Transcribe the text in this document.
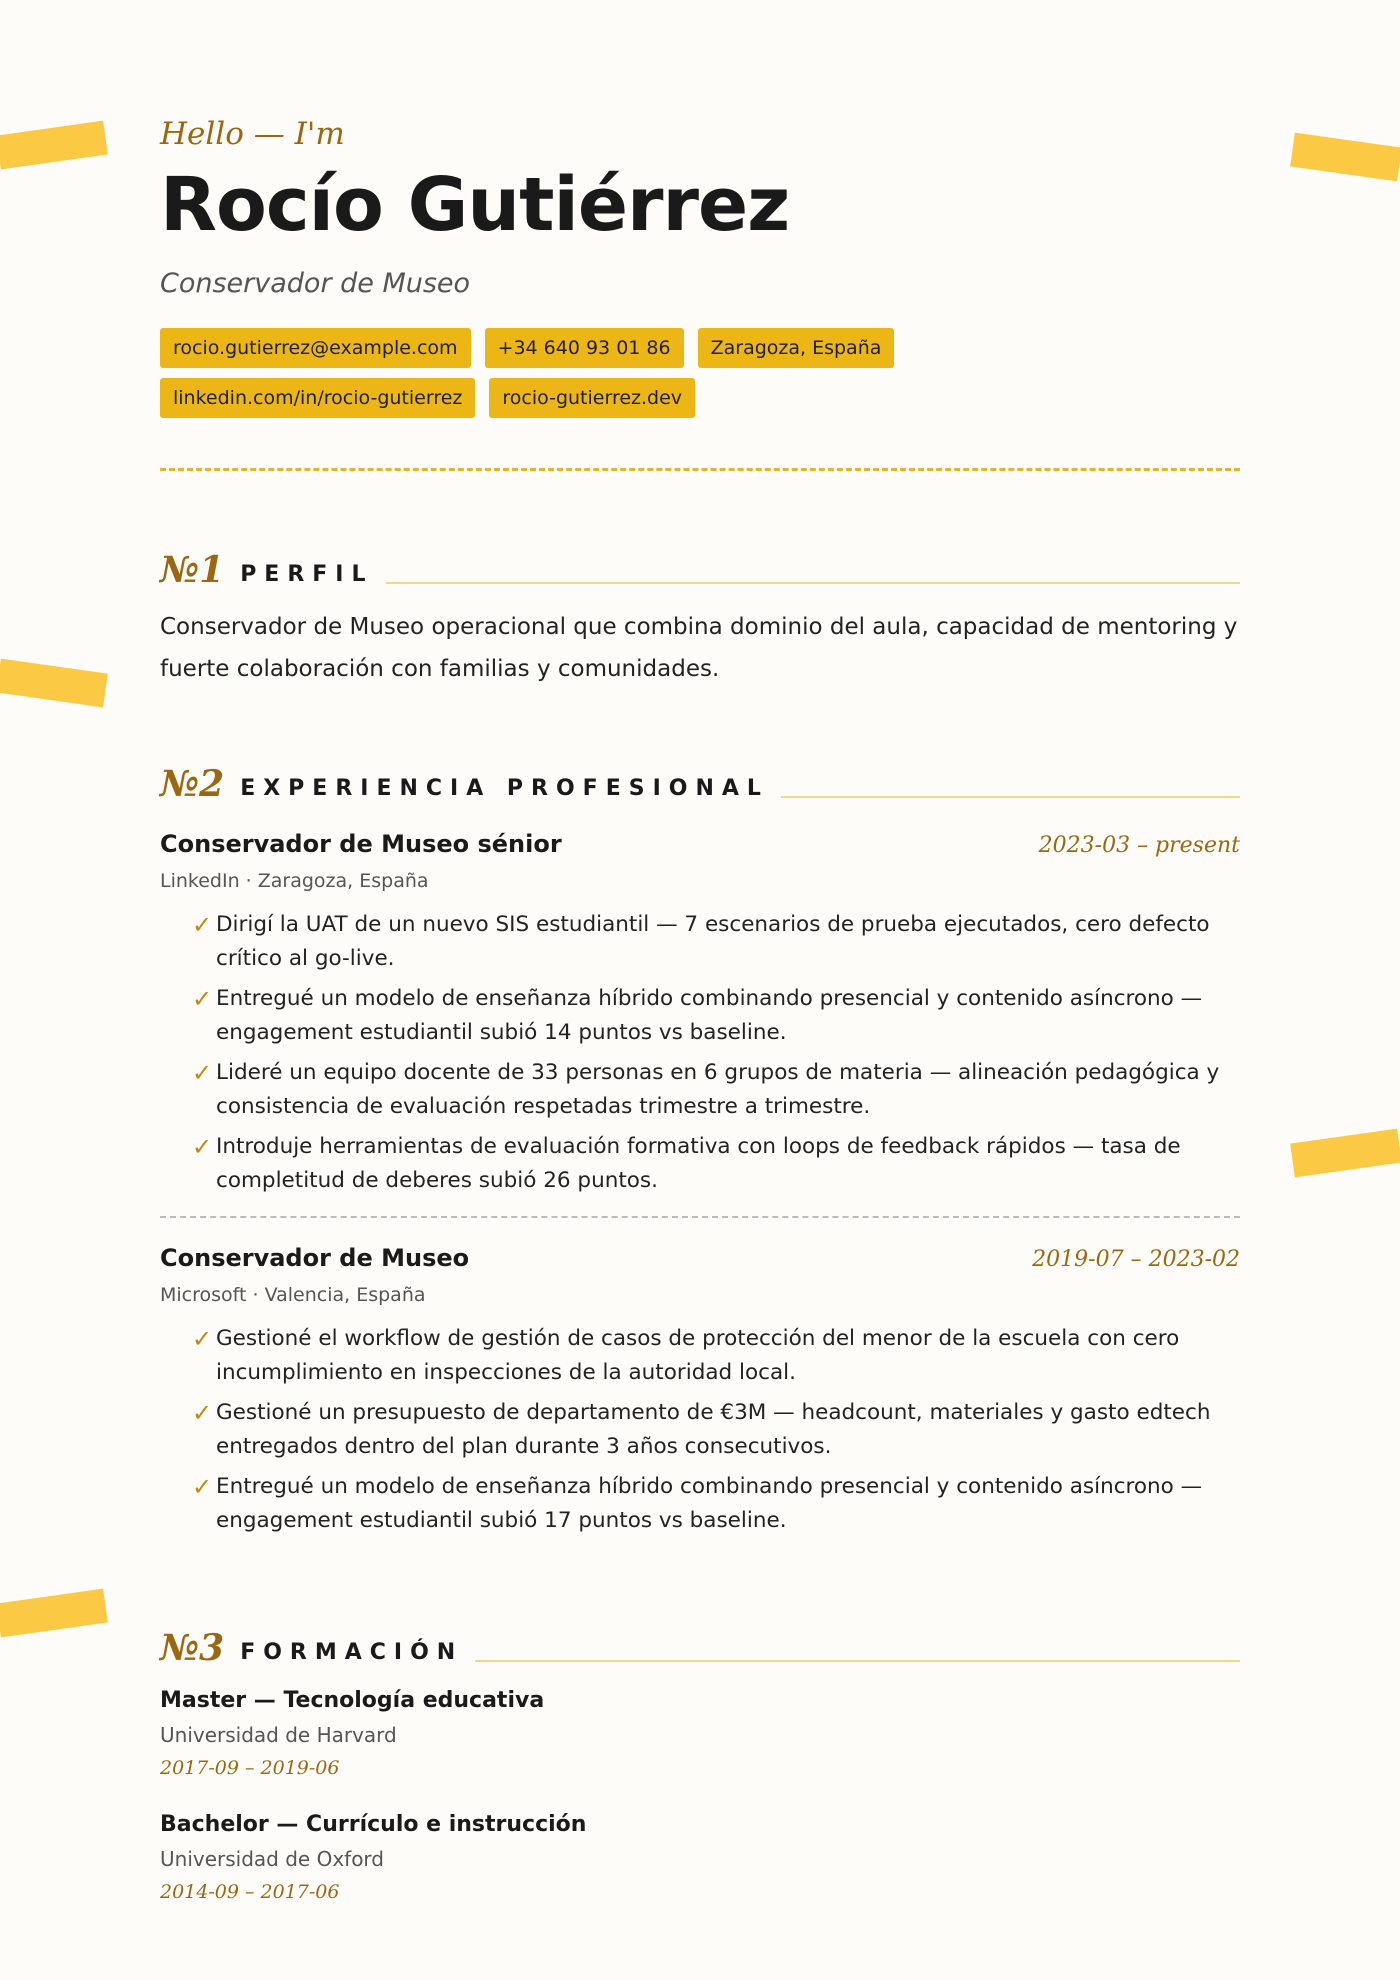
Hello — I'm
Rocío Gutiérrez
Conservador de Museo
rocio.gutierrez@example.com	+34 640 93 01 86	Zaragoza, España
linkedin.com/in/rocio-gutierrez	rocio-gutierrez.dev
№1 PERFIL
Conservador de Museo operacional que combina dominio del aula, capacidad de mentoring y fuerte colaboración con familias y comunidades.
№2 EXPERIENCIA PROFESIONAL
Conservador de Museo sénior	2023-03 – present
LinkedIn · Zaragoza, España
✓ Dirigí la UAT de un nuevo SIS estudiantil — 7 escenarios de prueba ejecutados, cero defecto crítico al go-live.
✓ Entregué un modelo de enseñanza híbrido combinando presencial y contenido asíncrono — engagement estudiantil subió 14 puntos vs baseline.
✓ Lideré un equipo docente de 33 personas en 6 grupos de materia — alineación pedagógica y consistencia de evaluación respetadas trimestre a trimestre.
✓ Introduje herramientas de evaluación formativa con loops de feedback rápidos — tasa de completitud de deberes subió 26 puntos.
Conservador de Museo	2019-07 – 2023-02
Microsoft · Valencia, España
✓ Gestioné el workflow de gestión de casos de protección del menor de la escuela con cero incumplimiento en inspecciones de la autoridad local.
✓ Gestioné un presupuesto de departamento de €3M — headcount, materiales y gasto edtech entregados dentro del plan durante 3 años consecutivos.
✓ Entregué un modelo de enseñanza híbrido combinando presencial y contenido asíncrono — engagement estudiantil subió 17 puntos vs baseline.
№3 FORMACIÓN
Master — Tecnología educativa
Universidad de Harvard
2017-09 – 2019-06
Bachelor — Currículo e instrucción
Universidad de Oxford
2014-09 – 2017-06
